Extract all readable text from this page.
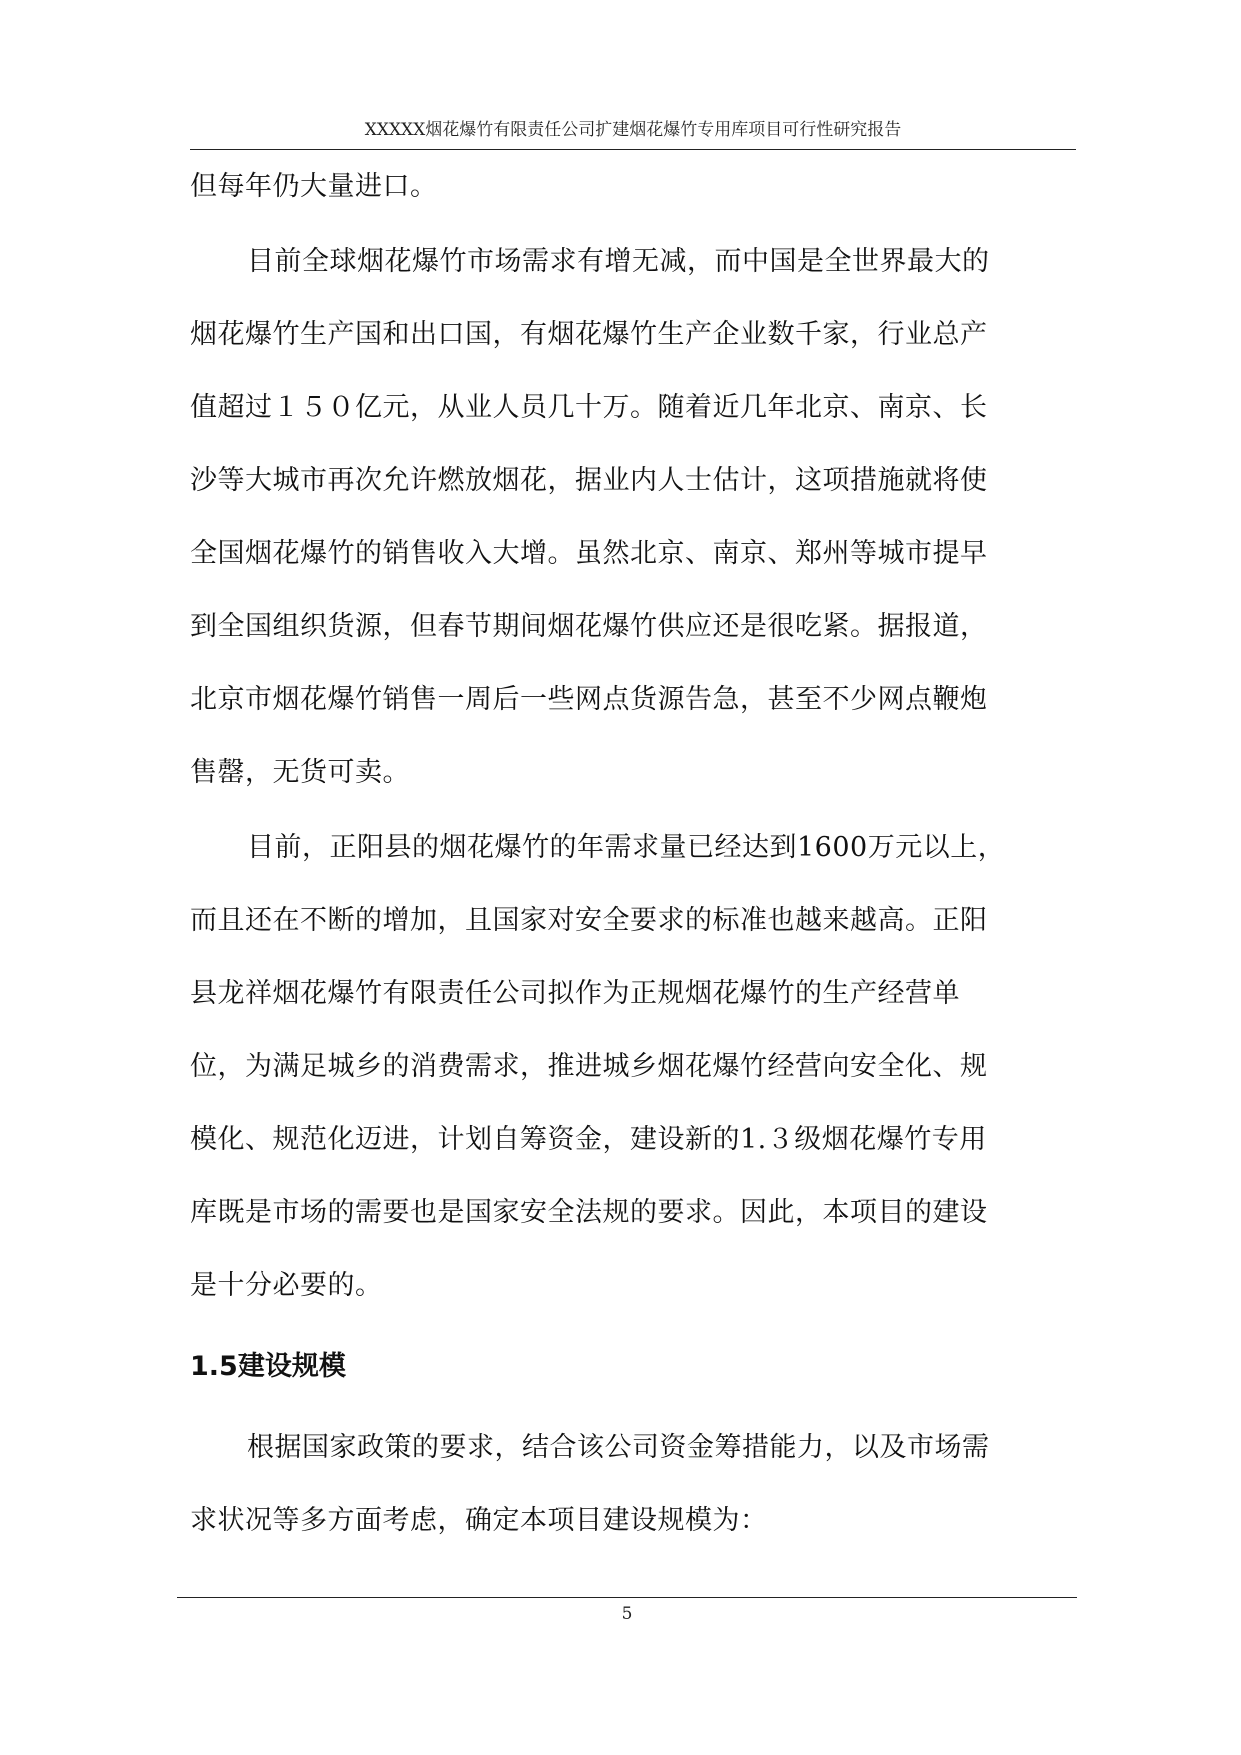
XXXXX烟花爆竹有限责任公司扩建烟花爆竹专用库项目可行性研究报告
但每年仍大量进口。
目前全球烟花爆竹市场需求有增无减，而中国是全世界最大的
烟花爆竹生产国和出口国，有烟花爆竹生产企业数千家，行业总产
值超过１５０亿元，从业人员几十万。随着近几年北京、南京、长
沙等大城市再次允许燃放烟花，据业内人士估计，这项措施就将使
全国烟花爆竹的销售收入大增。虽然北京、南京、郑州等城市提早
到全国组织货源，但春节期间烟花爆竹供应还是很吃紧。据报道，
北京市烟花爆竹销售一周后一些网点货源告急，甚至不少网点鞭炮
售罄，无货可卖。
目前，正阳县的烟花爆竹的年需求量已经达到1600万元以上，
而且还在不断的增加，且国家对安全要求的标准也越来越高。正阳
县龙祥烟花爆竹有限责任公司拟作为正规烟花爆竹的生产经营单
位，为满足城乡的消费需求，推进城乡烟花爆竹经营向安全化、规
模化、规范化迈进，计划自筹资金，建设新的1.３级烟花爆竹专用
库既是市场的需要也是国家安全法规的要求。因此，本项目的建设
是十分必要的。
1.5建设规模
根据国家政策的要求，结合该公司资金筹措能力，以及市场需
求状况等多方面考虑，确定本项目建设规模为：
5
